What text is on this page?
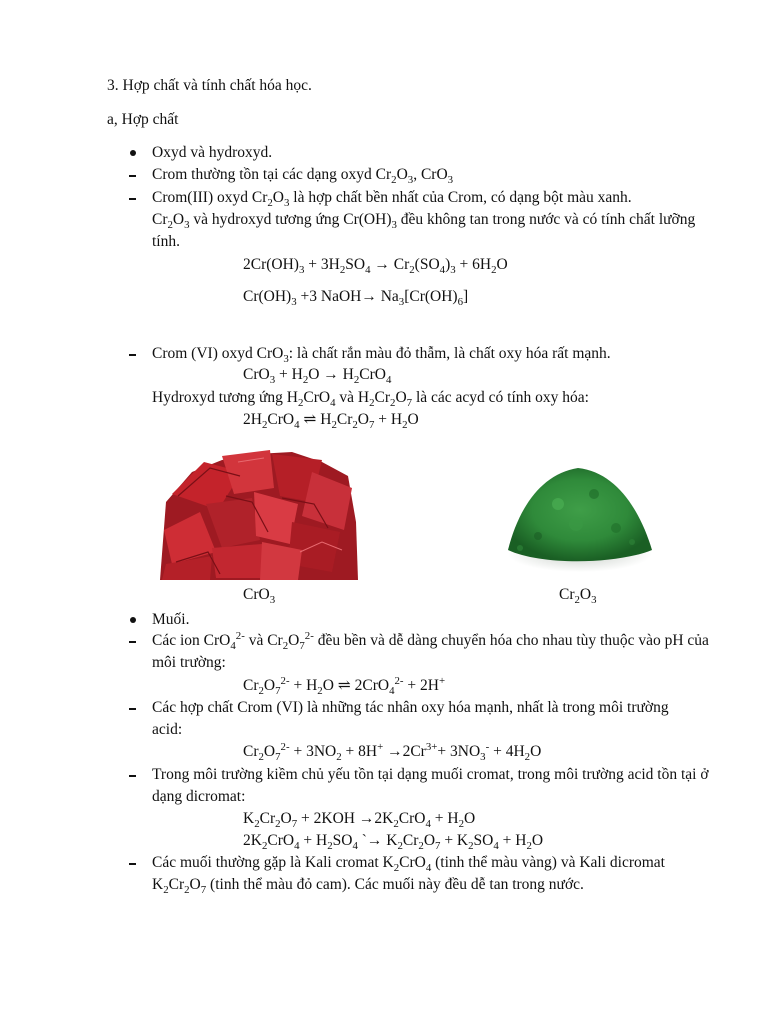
3. Hợp chất và tính chất hóa học.
a, Hợp chất
Oxyd và hydroxyd.
Crom thường tồn tại các dạng oxyd $Cr_2O_3$, CrO$_3$
Crom(III) oxyd $Cr_2O_3$ là hợp chất bền nhất của Crom, có dạng bột màu xanh.
$Cr_2O_3$ và hydroxyd tương ứng $Cr(OH)_3$ đều không tan trong nước và có tính chất lưỡng tính.
$2Cr(OH)_3 + 3H_2SO_4 \to Cr_2(SO_4)_3 + 6H_2O$
$Cr(OH)_3 +3$ NaOH→ $Na_3[Cr(OH)_6]$
Crom (VI) oxyd CrO$_3$: là chất rắn màu đỏ thẫm, là chất oxy hóa rất mạnh.
$CrO_3 + H_2O \to H_2CrO_4$
Hydroxyd tương ứng $H_2CrO_4$ và $H_2Cr_2O_7$ là các acyd có tính oxy hóa:
$2H_2CrO_4$ ⇌ $H_2Cr_2O_7 + H_2O$
CrO$_3$	$Cr_2O_3$
Muối.
Các ion CrO$_4^{2-}$ và $Cr_2O_7^{2-}$ đều bền và dễ dàng chuyển hóa cho nhau tùy thuộc vào pH của môi trường:
$Cr_2O_7^{2-} + H_2O$ ⇌ 2CrO$_4^{2-}$ + 2H+
Các hợp chất Crom (VI) là những tác nhân oxy hóa mạnh, nhất là trong môi trường acid:
$Cr_2O_7^{2-} + 3NO_2 + 8H^+ \to 2Cr^{3+}+ 3NO_3^- + 4H_2O$
Trong môi trường kiềm chủ yếu tồn tại dạng muối cromat, trong môi trường acid tồn tại ở dạng dicromat:
$K_2Cr_2O_7 + 2KOH \to 2K_2CrO_4 + H_2O$
$2K_2CrO_4 + H_2SO_4$ `→ $K_2Cr_2O_7 + K_2SO_4 + H_2O$
Các muối thường gặp là Kali cromat $K_2CrO_4$ (tinh thể màu vàng) và Kali dicromat $K_2Cr_2O_7$ (tinh thể màu đỏ cam). Các muối này đều dễ tan trong nước.
